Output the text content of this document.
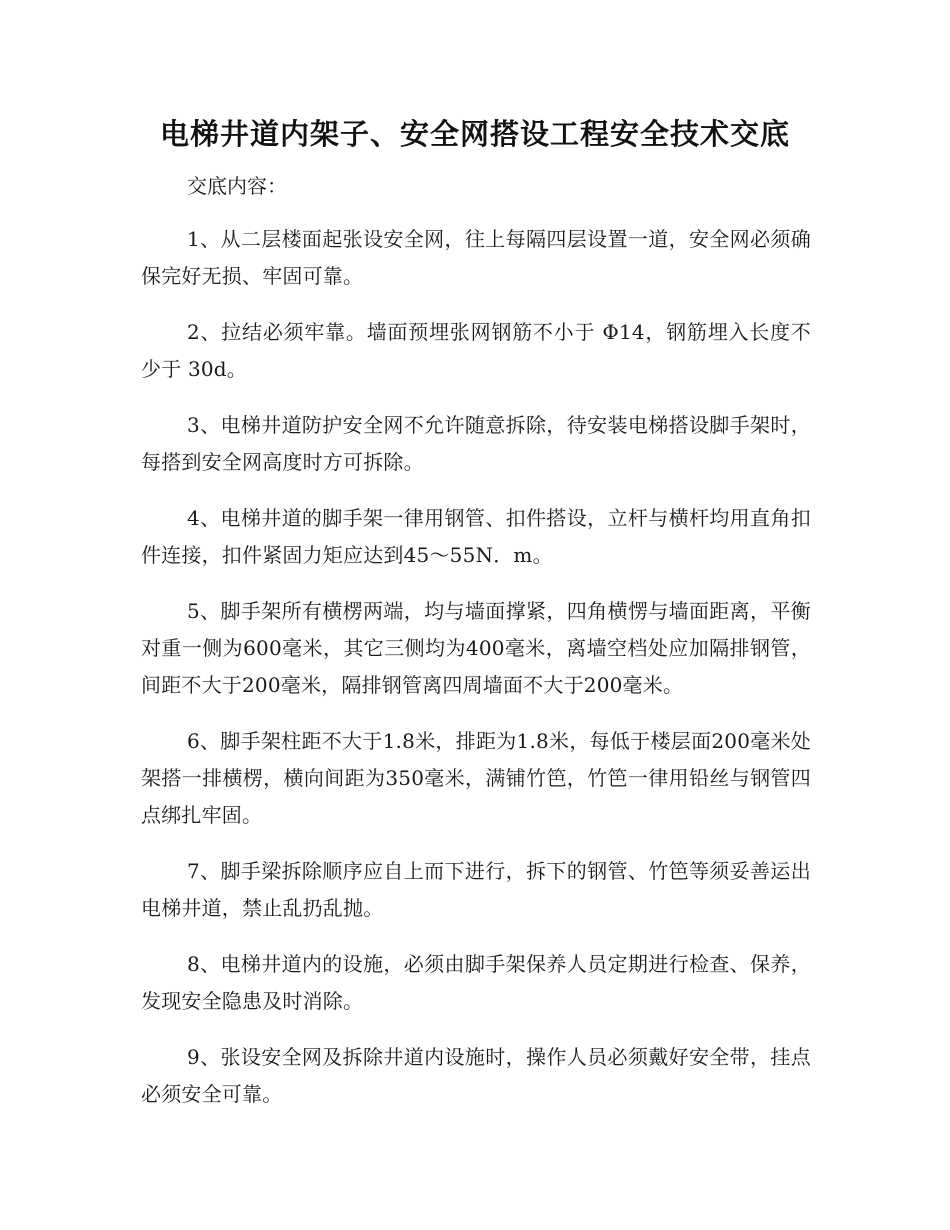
电梯井道内架子、安全网搭设工程安全技术交底

交底内容：

1、从二层楼面起张设安全网，往上每隔四层设置一道，安全网必须确保完好无损、牢固可靠。

2、拉结必须牢靠。墙面预埋张网钢筋不小于 Φ14，钢筋埋入长度不少于 30d。

3、电梯井道防护安全网不允许随意拆除，待安装电梯搭设脚手架时，每搭到安全网高度时方可拆除。

4、电梯井道的脚手架一律用钢管、扣件搭设，立杆与横杆均用直角扣件连接，扣件紧固力矩应达到45～55N．m。

5、脚手架所有横楞两端，均与墙面撑紧，四角横愣与墙面距离，平衡对重一侧为600毫米，其它三侧均为400毫米，离墙空档处应加隔排钢管，间距不大于200毫米，隔排钢管离四周墙面不大于200毫米。

6、脚手架柱距不大于1.8米，排距为1.8米，每低于楼层面200毫米处架搭一排横楞，横向间距为350毫米，满铺竹笆，竹笆一律用铅丝与钢管四点绑扎牢固。

7、脚手梁拆除顺序应自上而下进行，拆下的钢管、竹笆等须妥善运出电梯井道，禁止乱扔乱抛。

8、电梯井道内的设施，必须由脚手架保养人员定期进行检查、保养，发现安全隐患及时消除。

9、张设安全网及拆除井道内设施时，操作人员必须戴好安全带，挂点必须安全可靠。
